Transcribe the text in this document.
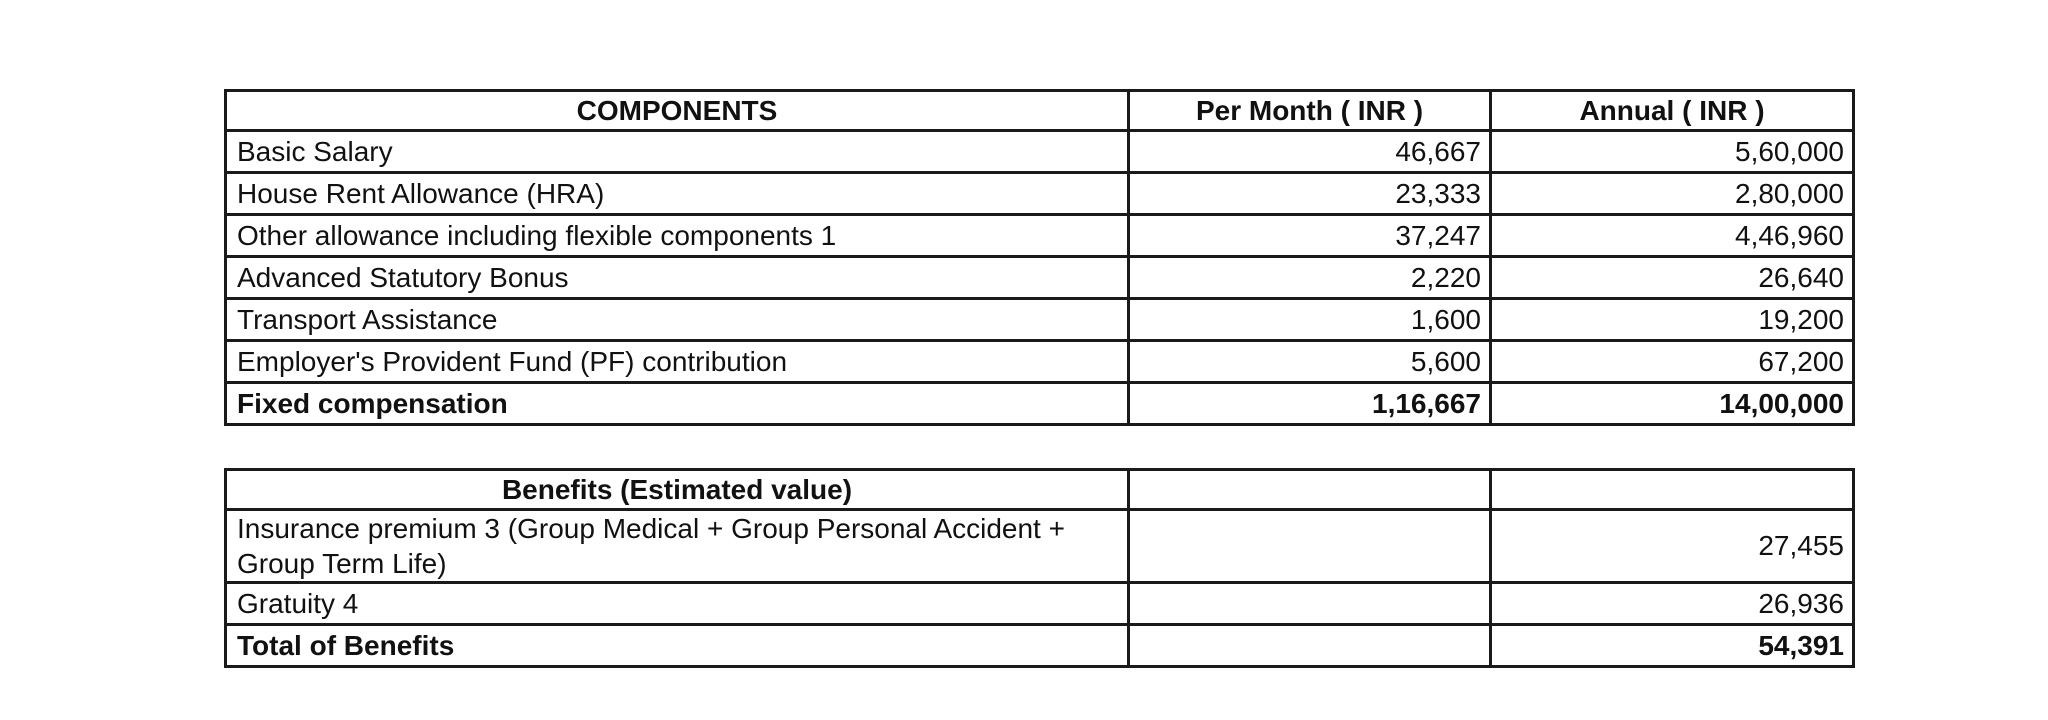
COMPONENTS	Per Month ( INR )	Annual ( INR )
Basic Salary	46,667	5,60,000
House Rent Allowance (HRA)	23,333	2,80,000
Other allowance including flexible components 1	37,247	4,46,960
Advanced Statutory Bonus	2,220	26,640
Transport Assistance	1,600	19,200
Employer's Provident Fund (PF) contribution	5,600	67,200
Fixed compensation	1,16,667	14,00,000
Benefits (Estimated value)		
Insurance premium 3 (Group Medical + Group Personal Accident + Group Term Life)		27,455
Gratuity 4		26,936
Total of Benefits		54,391
